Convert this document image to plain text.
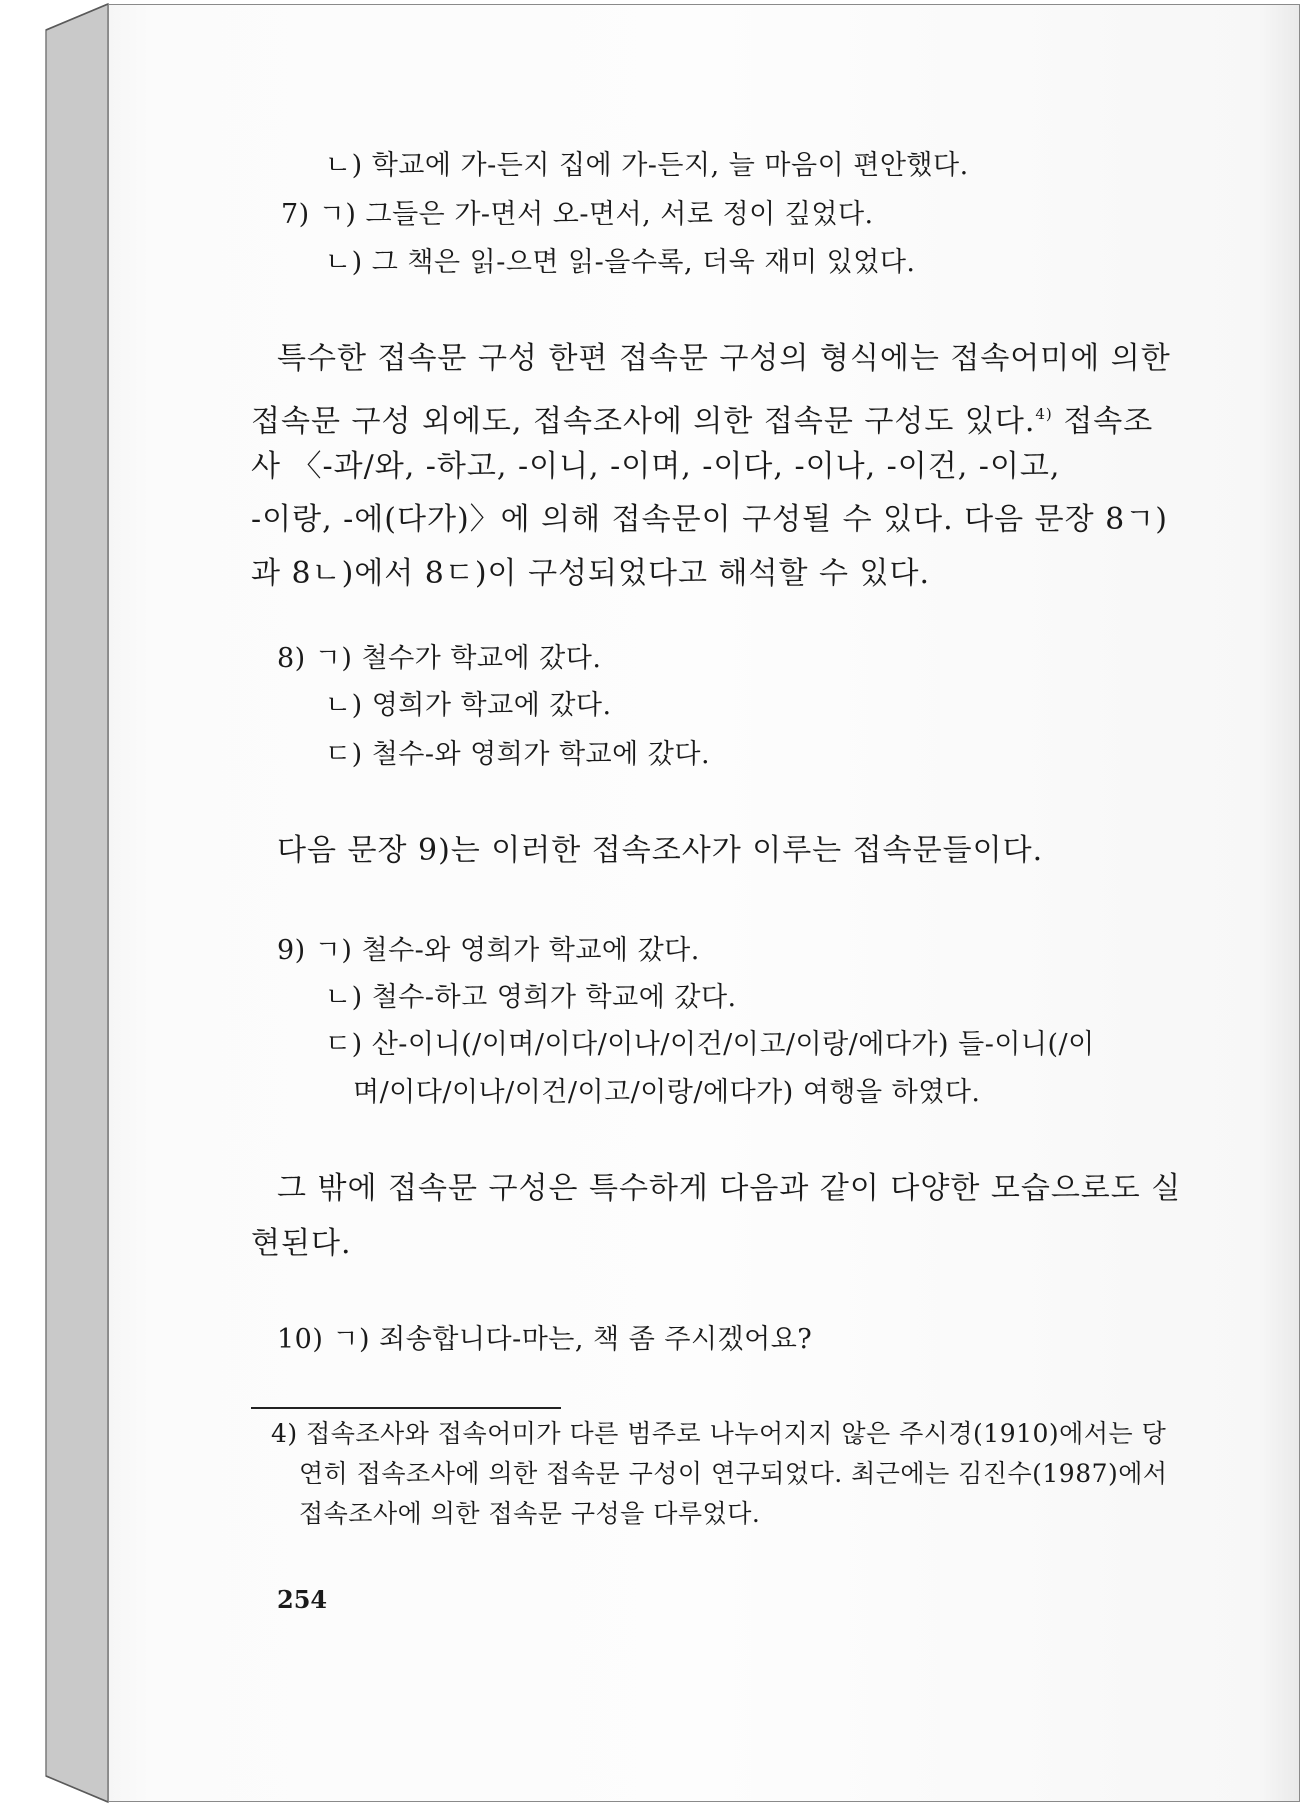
ㄴ) 학교에 가-든지 집에 가-든지, 늘 마음이 편안했다.
7) ㄱ) 그들은 가-면서 오-면서, 서로 정이 깊었다.
ㄴ) 그 책은 읽-으면 읽-을수록, 더욱 재미 있었다.
특수한 접속문 구성 한편 접속문 구성의 형식에는 접속어미에 의한
접속문 구성 외에도, 접속조사에 의한 접속문 구성도 있다.$^{4)}$ 접속조
사 〈-과/와, -하고, -이니, -이며, -이다, -이나, -이건, -이고,
-이랑, -에(다가)〉에 의해 접속문이 구성될 수 있다. 다음 문장 8ㄱ)
과 8ㄴ)에서 8ㄷ)이 구성되었다고 해석할 수 있다.
8) ㄱ) 철수가 학교에 갔다.
ㄴ) 영희가 학교에 갔다.
ㄷ) 철수-와 영희가 학교에 갔다.
다음 문장 9)는 이러한 접속조사가 이루는 접속문들이다.
9) ㄱ) 철수-와 영희가 학교에 갔다.
ㄴ) 철수-하고 영희가 학교에 갔다.
ㄷ) 산-이니(/이며/이다/이나/이건/이고/이랑/에다가) 들-이니(/이
며/이다/이나/이건/이고/이랑/에다가) 여행을 하였다.
그 밖에 접속문 구성은 특수하게 다음과 같이 다양한 모습으로도 실
현된다.
10) ㄱ) 죄송합니다-마는, 책 좀 주시겠어요?
4) 접속조사와 접속어미가 다른 범주로 나누어지지 않은 주시경(1910)에서는 당
연히 접속조사에 의한 접속문 구성이 연구되었다. 최근에는 김진수(1987)에서
접속조사에 의한 접속문 구성을 다루었다.
254
